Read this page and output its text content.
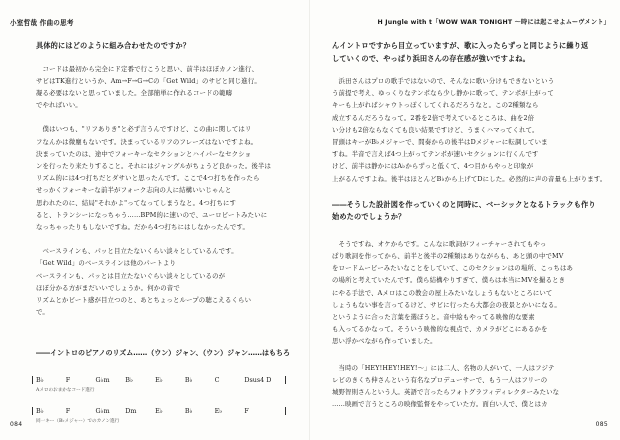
小室哲哉 作曲の思考

具体的にはどのように組み合わせたのですか？

　コードは最初から完全にド定番で行こうと思い、前半はほぼカノン進行、

サビはTK進行というか、Am→F→G→Cの「Get Wild」のサビと同じ進行。

凝る必要はないと思っていました。全部簡単に作れるコードの範疇

でやればいい。

　僕はいつも、"リフありき"と必ず言うんですけど、この曲に関してはリ

フなんかは微塵もないです。決まっているリフのフレーズはないですよね。

決まっていたのは、途中でフォーキーなセクションとハイパーなセクショ

ンを行ったり来たりすること。それにはジャングルがちょうど良かった。後半は

リズム的には4つ打ちだとダサいと思ったんです。ここで4つ打ちを作ったら

せっかくフォーキーな前半がフォーク志向の人に結構いいじゃんと

思われたのに、結局"それかよ"ってなってしまうなと。4つ打ちにす

ると、トランシーになっちゃう……BPM的に速いので、ユーロビートみたいに

なっちゃったりもしないですね。だから4つ打ちにはしなかったんです。

　ベースラインも、パッと目立たないくらい淡々としているんです。

「Get Wild」のベースラインは他のパートより

ベースラインも、パッとは目立たないぐらい淡々としているのが

ほぼ分かる方がまだいいでしょうか。何かの音で

リズムとかビート感が目立つのと、あとちょっとループの聴こえるくらい

で。

――イントロのピアノのリズム……（ウン）ジャン、（ウン）ジャン……はもちろ

B♭	F	G♭m	B♭	E♭	B♭	C	Dsus4 D

Aメロのおまかなコード進行

B♭	F	G♭m	Dm	E♭	B♭	E♭	F

同一キー（B♭メジャー）でのカノン進行

084
H Jungle with t「WOW WAR TONIGHT ～時には起こせよムーヴメント」

んイントロですから目立っていますが、歌に入ったらずっと同じように繰り返

していくので、やっぱり浜田さんの存在感が強いですよね。

　浜田さんはプロの歌手ではないので、そんなに歌い分けもできないという

う前提で考え、ゆっくりなテンポなら少し静かに歌って、テンポが上がって

キーも上がればシャウトっぽくしてくれるだろうなと。この2種類なら

成立するんだろうなって。2番を2倍で考えているところは、曲を2倍

い分けも2倍ならなくても良い結果ですけど、うまくハマってくれて。

冒頭はキーがB♭メジャーで、間奏からの後半はDメジャーに転調していま

すね。半音で言えば4つ上がってテンポが速いセクションに行くんです

けど、前半は静かにはA♭からずっと低くて、4つ目からやっと印象が

上がるんですよね。後半はほとんどB♭から上げてDにした。必然的に声の音量も上がります。

――そうした設計図を作っていくのと同時に、ベーシックとなるトラックも作り

始めたのでしょうか？

　そうですね、オケからです。こんなに歌詞がフィーチャーされてもやっ

ぱり歌詞を作ってから、前半と後半の2種類はありながらも、あと頭の中でMV

をロードムービーみたいなことをしていて、このセクションはの場所、こっちはあ

の場所と考えていたんです。僕ら結構やりすぎて、僕らは本当にMVを撮るとき

にやる手法で、Aメロはこの教会の屋上みたいなしょうもないところにいて

しょうもない事を言ってるけど、サビに行ったら大都会の夜景とかいになる。

というように合った言葉を選ぼうと。音中絵もやってる映像的な要素

も入ってるかなって。そういう映像的な視点で、カメラがどこにあるかを

思い浮かべながら作っていました。

　当時の「HEY!HEY!HEY!～」には二人、名物の人がいて、一人はフジテ

レビのきくち伸さんという有名なプロデューサーで、もう一人はフリーの

城野智則さんという人。英語で言ったらフォトグラフィディレクターみたいな

……映画で言うところの映像監督をやっていた方。面白い人で、僕とはカ

085
